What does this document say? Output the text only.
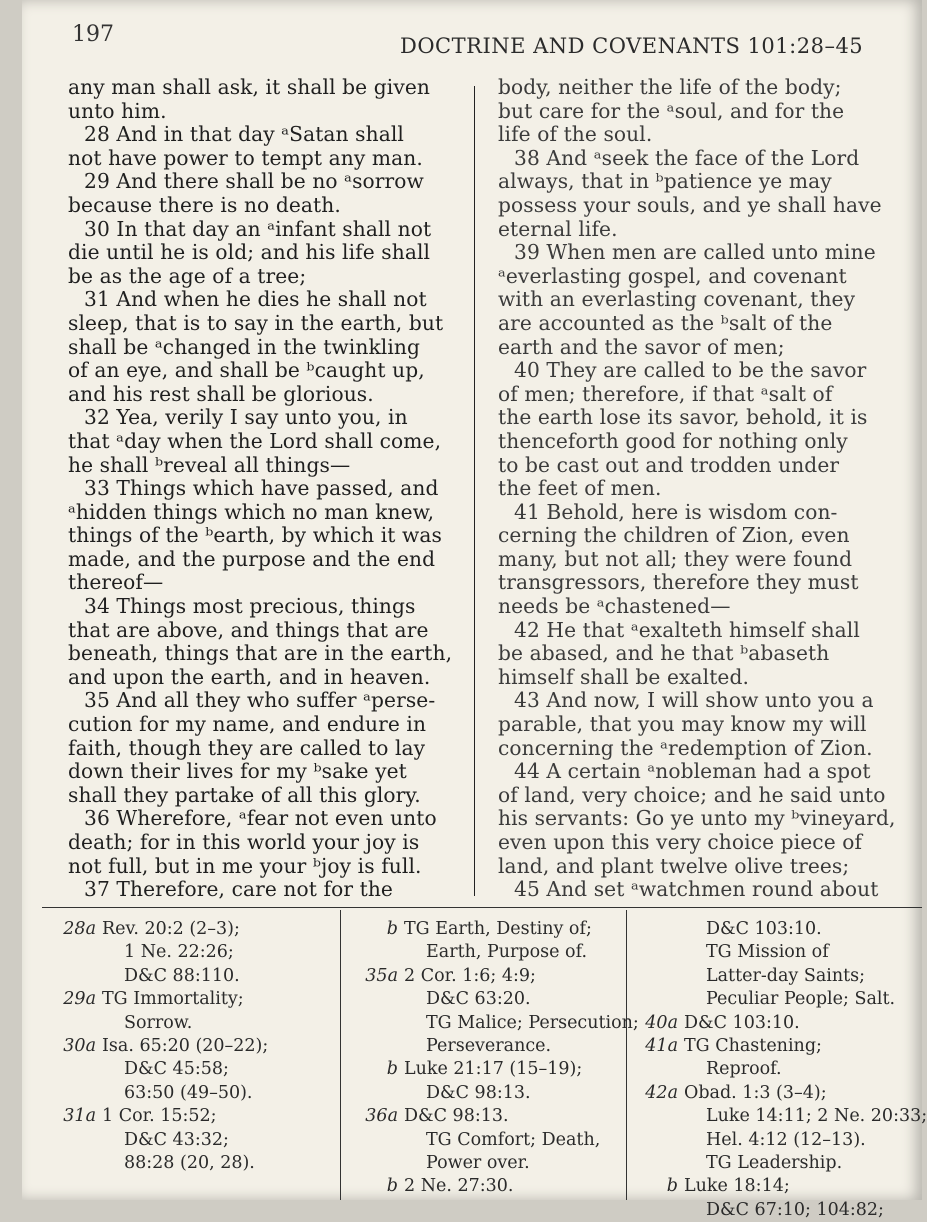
197	DOCTRINE AND COVENANTS 101:28–45
any man shall ask, it shall be given
unto him.
28 And in that day ᵃSatan shall
not have power to tempt any man.
29 And there shall be no ᵃsorrow
because there is no death.
30 In that day an ᵃinfant shall not
die until he is old; and his life shall
be as the age of a tree;
31 And when he dies he shall not
sleep, that is to say in the earth, but
shall be ᵃchanged in the twinkling
of an eye, and shall be ᵇcaught up,
and his rest shall be glorious.
32 Yea, verily I say unto you, in
that ᵃday when the Lord shall come,
he shall ᵇreveal all things—
33 Things which have passed, and
ᵃhidden things which no man knew,
things of the ᵇearth, by which it was
made, and the purpose and the end
thereof—
34 Things most precious, things
that are above, and things that are
beneath, things that are in the earth,
and upon the earth, and in heaven.
35 And all they who suffer ᵃperse-
cution for my name, and endure in
faith, though they are called to lay
down their lives for my ᵇsake yet
shall they partake of all this glory.
36 Wherefore, ᵃfear not even unto
death; for in this world your joy is
not full, but in me your ᵇjoy is full.
37 Therefore, care not for the
body, neither the life of the body;
but care for the ᵃsoul, and for the
life of the soul.
38 And ᵃseek the face of the Lord
always, that in ᵇpatience ye may
possess your souls, and ye shall have
eternal life.
39 When men are called unto mine
ᵃeverlasting gospel, and covenant
with an everlasting covenant, they
are accounted as the ᵇsalt of the
earth and the savor of men;
40 They are called to be the savor
of men; therefore, if that ᵃsalt of
the earth lose its savor, behold, it is
thenceforth good for nothing only
to be cast out and trodden under
the feet of men.
41 Behold, here is wisdom con-
cerning the children of Zion, even
many, but not all; they were found
transgressors, therefore they must
needs be ᵃchastened—
42 He that ᵃexalteth himself shall
be abased, and he that ᵇabaseth
himself shall be exalted.
43 And now, I will show unto you a
parable, that you may know my will
concerning the ᵃredemption of Zion.
44 A certain ᵃnobleman had a spot
of land, very choice; and he said unto
his servants: Go ye unto my ᵇvineyard,
even upon this very choice piece of
land, and plant twelve olive trees;
45 And set ᵃwatchmen round about
28a Rev. 20:2 (2–3);
1 Ne. 22:26;
D&C 88:110.
29a TG Immortality;
Sorrow.
30a Isa. 65:20 (20–22);
D&C 45:58;
63:50 (49–50).
31a 1 Cor. 15:52;
D&C 43:32;
88:28 (20, 28).
b TG Earth, Destiny of;
Earth, Purpose of.
35a 2 Cor. 1:6; 4:9;
D&C 63:20.
TG Malice; Persecution;
Perseverance.
b Luke 21:17 (15–19);
D&C 98:13.
36a D&C 98:13.
TG Comfort; Death,
Power over.
b 2 Ne. 27:30.
D&C 103:10.
TG Mission of
Latter-day Saints;
Peculiar People; Salt.
40a D&C 103:10.
41a TG Chastening;
Reproof.
42a Obad. 1:3 (3–4);
Luke 14:11; 2 Ne. 20:33;
Hel. 4:12 (12–13).
TG Leadership.
b Luke 18:14;
D&C 67:10; 104:82;
